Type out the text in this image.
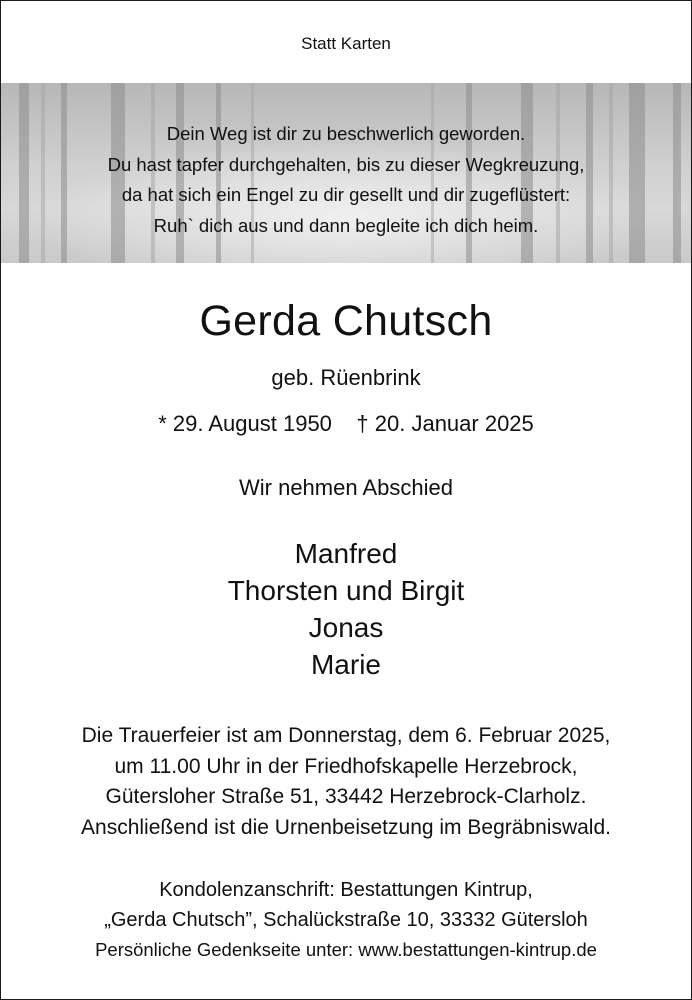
Statt Karten
Dein Weg ist dir zu beschwerlich geworden.
Du hast tapfer durchgehalten, bis zu dieser Wegkreuzung,
da hat sich ein Engel zu dir gesellt und dir zugeflüstert:
Ruh` dich aus und dann begleite ich dich heim.
Gerda Chutsch
geb. Rüenbrink
* 29. August 1950 † 20. Januar 2025
Wir nehmen Abschied
Manfred
Thorsten und Birgit
Jonas
Marie
Die Trauerfeier ist am Donnerstag, dem 6. Februar 2025,
um 11.00 Uhr in der Friedhofskapelle Herzebrock,
Gütersloher Straße 51, 33442 Herzebrock-Clarholz.
Anschließend ist die Urnenbeisetzung im Begräbniswald.
Kondolenzanschrift: Bestattungen Kintrup,
„Gerda Chutsch”, Schalückstraße 10, 33332 Gütersloh
Persönliche Gedenkseite unter: www.bestattungen-kintrup.de
